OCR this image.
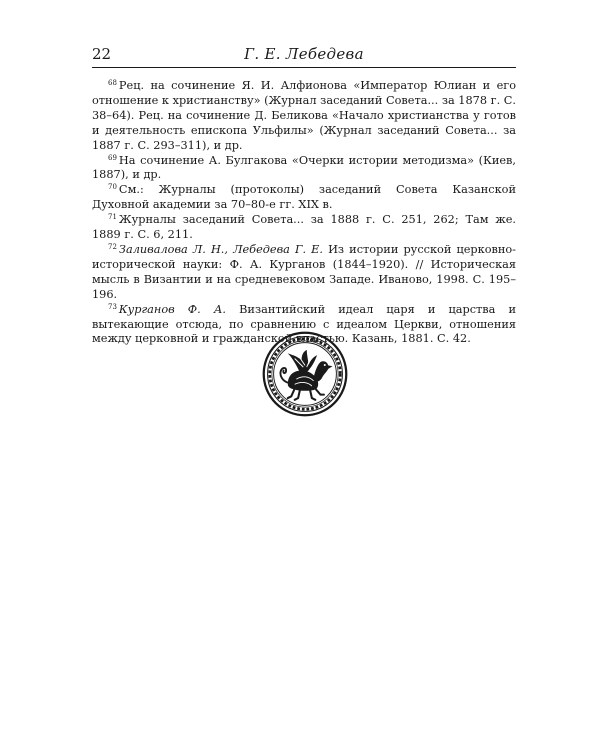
22	Г. Е. Лебедева

$^{68}$ Рец. на сочинение Я. И. Алфионова «Император Юлиан и его отношение к христианству» (Журнал заседаний Совета... за 1878 г. С. 38–64). Рец. на сочинение Д. Беликова «Начало христианства у готов и деятельность епископа Ульфилы» (Журнал заседаний Совета... за 1887 г. С. 293–311), и др.

$^{69}$ На сочинение А. Булгакова «Очерки истории методизма» (Киев, 1887), и др.

$^{70}$ См.: Журналы (протоколы) заседаний Совета Казанской Духовной академии за 70–80-е гг. XIX в.

$^{71}$ Журналы заседаний Совета... за 1888 г. С. 251, 262; Там же. 1889 г. С. 6, 211.

$^{72}$ Заливалова Л. Н., Лебедева Г. Е. Из истории русской церковно-исторической науки: Ф. А. Курганов (1844–1920). // Историческая мысль в Византии и на средневековом Западе. Иваново, 1998. С. 195–196.

$^{73}$ Курганов Ф. А. Византийский идеал царя и царства и вытекающие отсюда, по сравнению с идеалом Церкви, отношения между церковной и гражданской властью. Казань, 1881. С. 42.
